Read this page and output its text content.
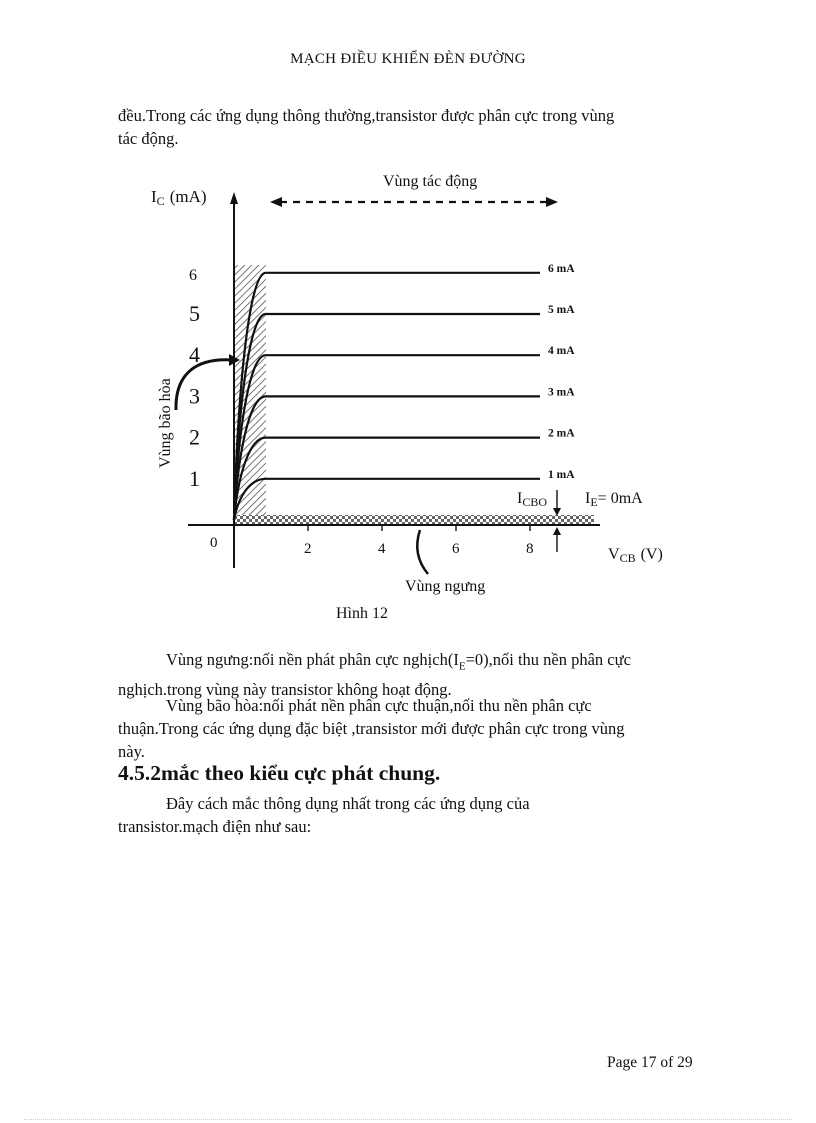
MẠCH ĐIỀU KHIỂN ĐÈN ĐƯỜNG
đều.Trong các ứng dụng thông thường,transistor được phân cực trong vùng
tác động.
IC (mA)
VCB (V)
0
Vùng tác động
Vùng bão hòa
Vùng ngưng
ICBO IE= 0mA
2	4	6	8
1
2
3
4
5
6	6 mA
5 mA
4 mA
3 mA
2 mA
1 mA
Hình 12
Vùng ngưng:nối nền phát phân cực $nghịch(I_E=0),nối$ thu nền phân cực
nghịch.trong vùng này transistor không hoạt động.
Vùng bão hòa:nối phát nền phân cực thuận,nối thu nền phân cực
thuận.Trong các ứng dụng đặc biệt ,transistor mới được phân cực trong vùng
này.
4.5.2mắc theo kiểu cực phát chung.
Đây cách mắc thông dụng nhất trong các ứng dụng của
transistor.mạch điện như sau:
Page 17 of 29
